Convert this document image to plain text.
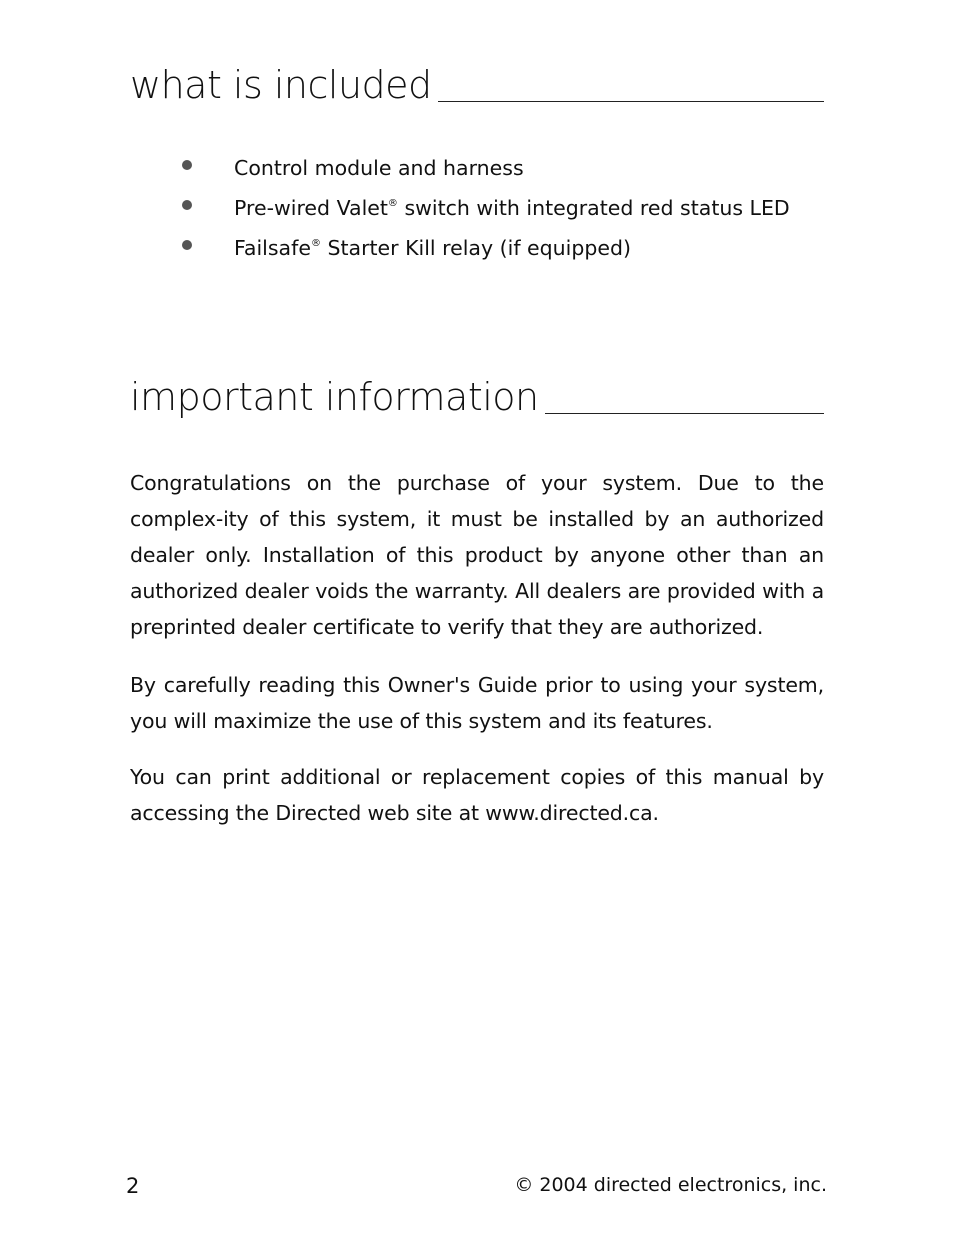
what is included
Control module and harness
Pre-wired Valet® switch with integrated red status LED
Failsafe® Starter Kill relay (if equipped)
important information

Congratulations on the purchase of your system. Due to the complex-ity of this system, it must be installed by an authorized dealer only. Installation of this product by anyone other than an authorized dealer voids the warranty. All dealers are provided with a preprinted dealer certificate to verify that they are authorized.

By carefully reading this Owner's Guide prior to using your system, you will maximize the use of this system and its features.

You can print additional or replacement copies of this manual by accessing the Directed web site at www.directed.ca.

2	© 2004 directed electronics, inc.
